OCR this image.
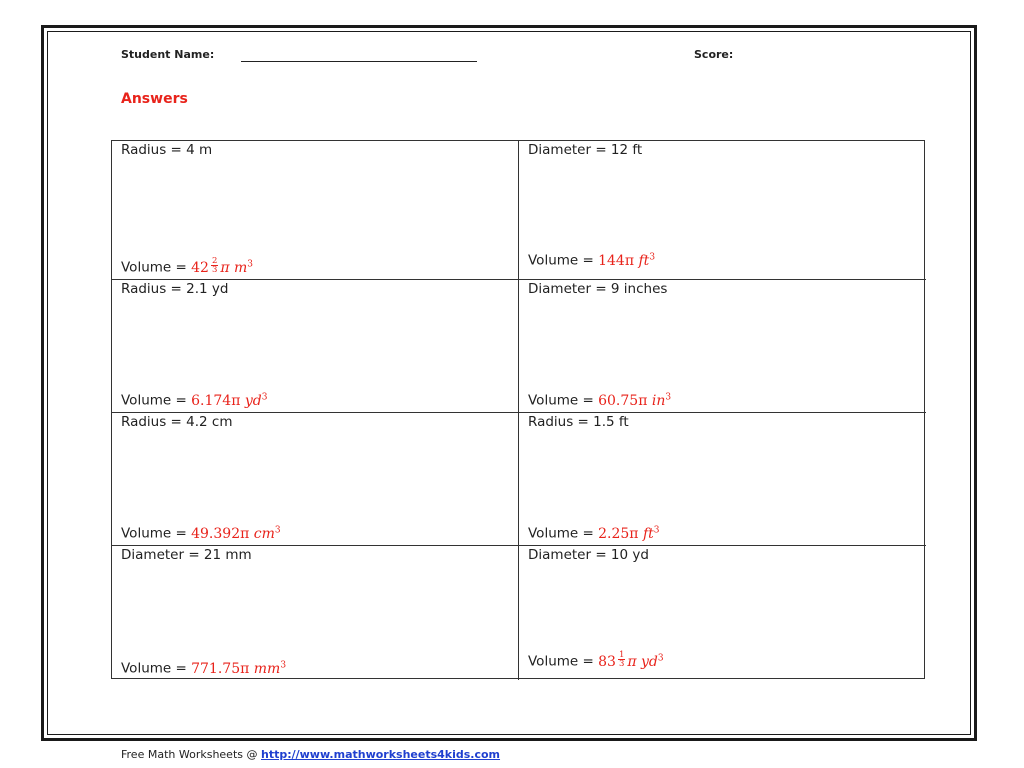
Student Name:	Score:
Answers
Radius = 4 m
Volume = $42 \frac{2}{3}$ π $m^3$
Diameter = 12 ft
Volume = 144π $ft^3$
Radius = 2.1 yd
Volume = 6.174π $yd^3$
Diameter = 9 inches
Volume = 60.75π $in^3$
Radius = 4.2 cm
Volume = 49.392π $cm^3$
Radius = 1.5 ft
Volume = 2.25π $ft^3$
Diameter = 21 mm
Volume = 771.75π $mm^3$
Diameter = 10 yd
Volume = $83 \frac{1}{3}$ π $yd^3$
Free Math Worksheets @ http://www.mathworksheets4kids.com
